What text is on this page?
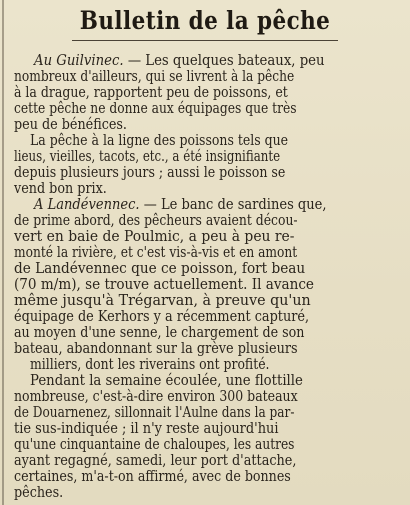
Bulletin de la pêche
Au Guilvinec. — Les quelques bateaux, peu
nombreux d'ailleurs, qui se livrent à la pêche
à la drague, rapportent peu de poissons, et
cette pêche ne donne aux équipages que très
peu de bénéfices.
La pêche à la ligne des poissons tels que
lieus, vieilles, tacots, etc., a été insignifiante
depuis plusieurs jours ; aussi le poisson se
vend bon prix.
A Landévennec. — Le banc de sardines que,
de prime abord, des pêcheurs avaient décou-
vert en baie de Poulmic, a peu à peu re-
monté la rivière, et c'est vis-à-vis et en amont
de Landévennec que ce poisson, fort beau
(70 m/m), se trouve actuellement. Il avance
même jusqu'à Trégarvan, à preuve qu'un
équipage de Kerhors y a récemment capturé,
au moyen d'une senne, le chargement de son
bateau, abandonnant sur la grève plusieurs
milliers, dont les riverains ont profité.
Pendant la semaine écoulée, une flottille
nombreuse, c'est-à-dire environ 300 bateaux
de Douarnenez, sillonnait l'Aulne dans la par-
tie sus-indiquée ; il n'y reste aujourd'hui
qu'une cinquantaine de chaloupes, les autres
ayant regagné, samedi, leur port d'attache,
certaines, m'a-t-on affirmé, avec de bonnes
pêches.
